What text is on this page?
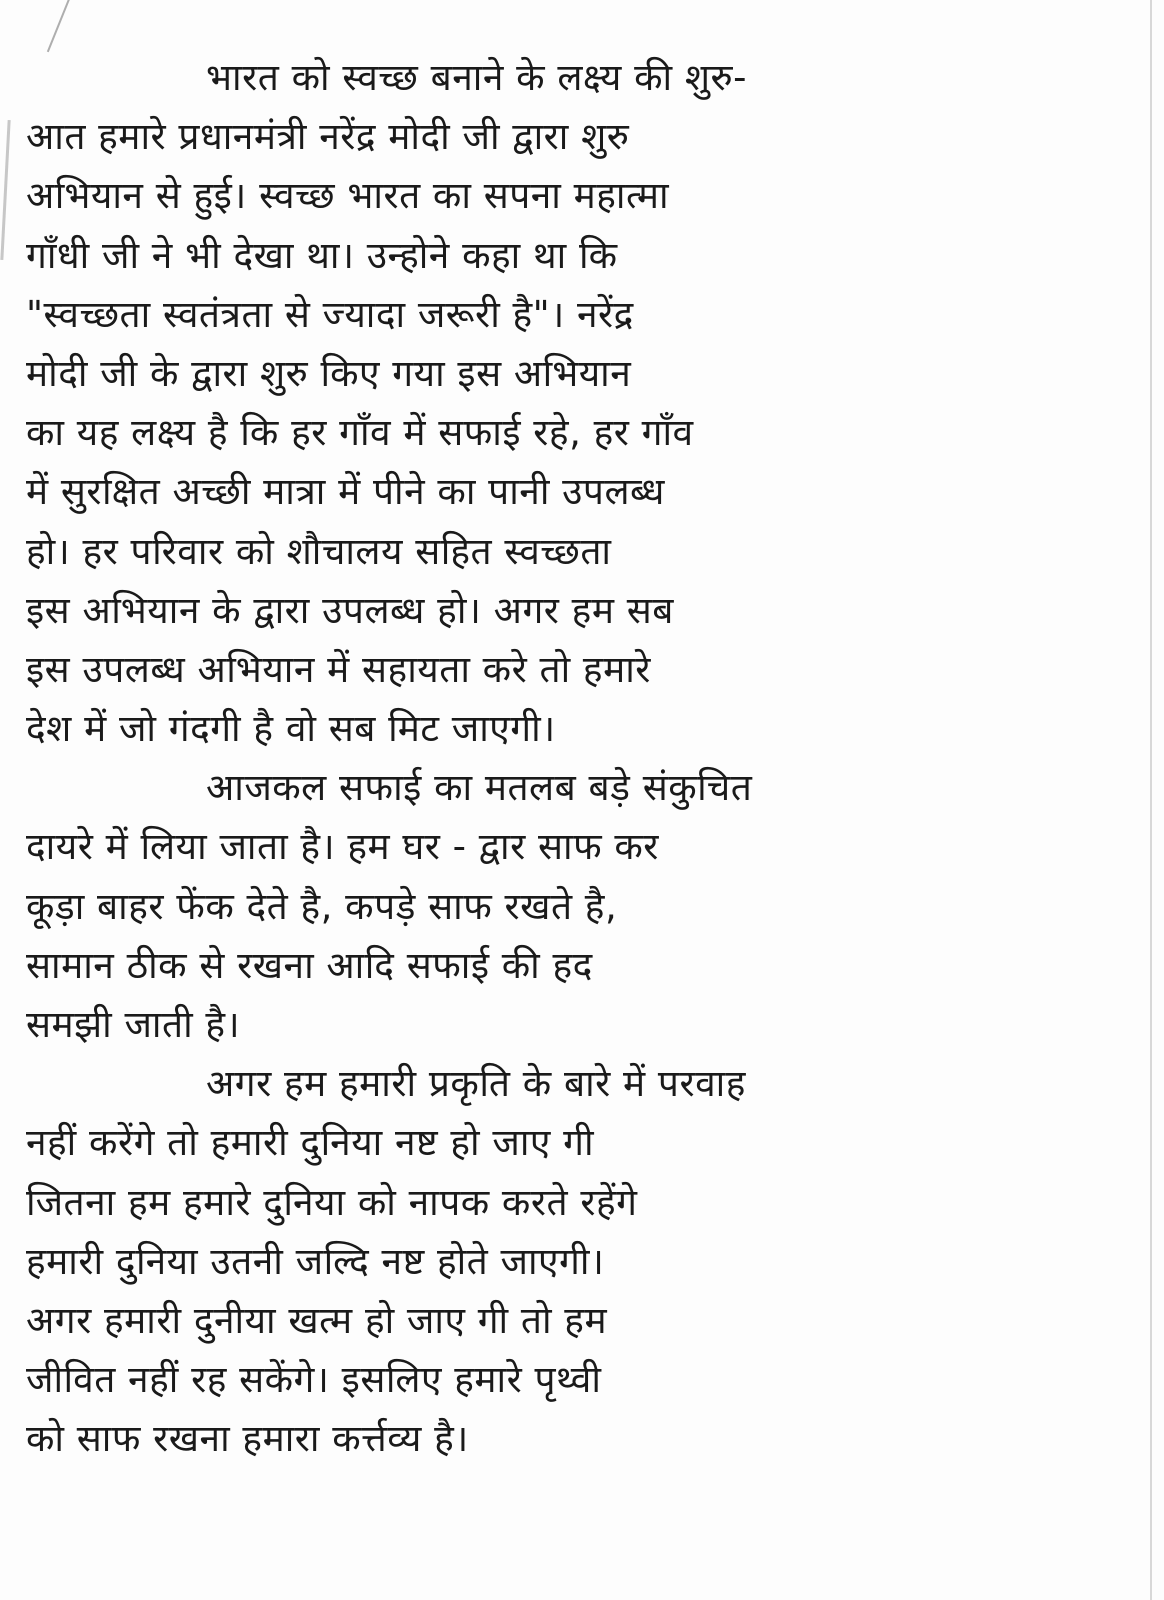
भारत को स्वच्छ बनाने के लक्ष्य की शुरु-
आत हमारे प्रधानमंत्री नरेंद्र मोदी जी द्वारा शुरु
अभियान से हुई। स्वच्छ भारत का सपना महात्मा
गाँधी जी ने भी देखा था। उन्होने कहा था कि
"स्वच्छता स्वतंत्रता से ज्यादा जरूरी है"। नरेंद्र
मोदी जी के द्वारा शुरु किए गया इस अभियान
का यह लक्ष्य है कि हर गाँव में सफाई रहे, हर गाँव
में सुरक्षित अच्छी मात्रा में पीने का पानी उपलब्ध
हो। हर परिवार को शौचालय सहित स्वच्छता
इस अभियान के द्वारा उपलब्ध हो। अगर हम सब
इस उपलब्ध अभियान में सहायता करे तो हमारे
देश में जो गंदगी है वो सब मिट जाएगी।
आजकल सफाई का मतलब बड़े संकुचित
दायरे में लिया जाता है। हम घर - द्वार साफ कर
कूड़ा बाहर फेंक देते है, कपड़े साफ रखते है,
सामान ठीक से रखना आदि सफाई की हद
समझी जाती है।
अगर हम हमारी प्रकृति के बारे में परवाह
नहीं करेंगे तो हमारी दुनिया नष्ट हो जाए गी
जितना हम हमारे दुनिया को नापक करते रहेंगे
हमारी दुनिया उतनी जल्दि नष्ट होते जाएगी।
अगर हमारी दुनीया खत्म हो जाए गी तो हम
जीवित नहीं रह सकेंगे। इसलिए हमारे पृथ्वी
को साफ रखना हमारा कर्त्तव्य है।
